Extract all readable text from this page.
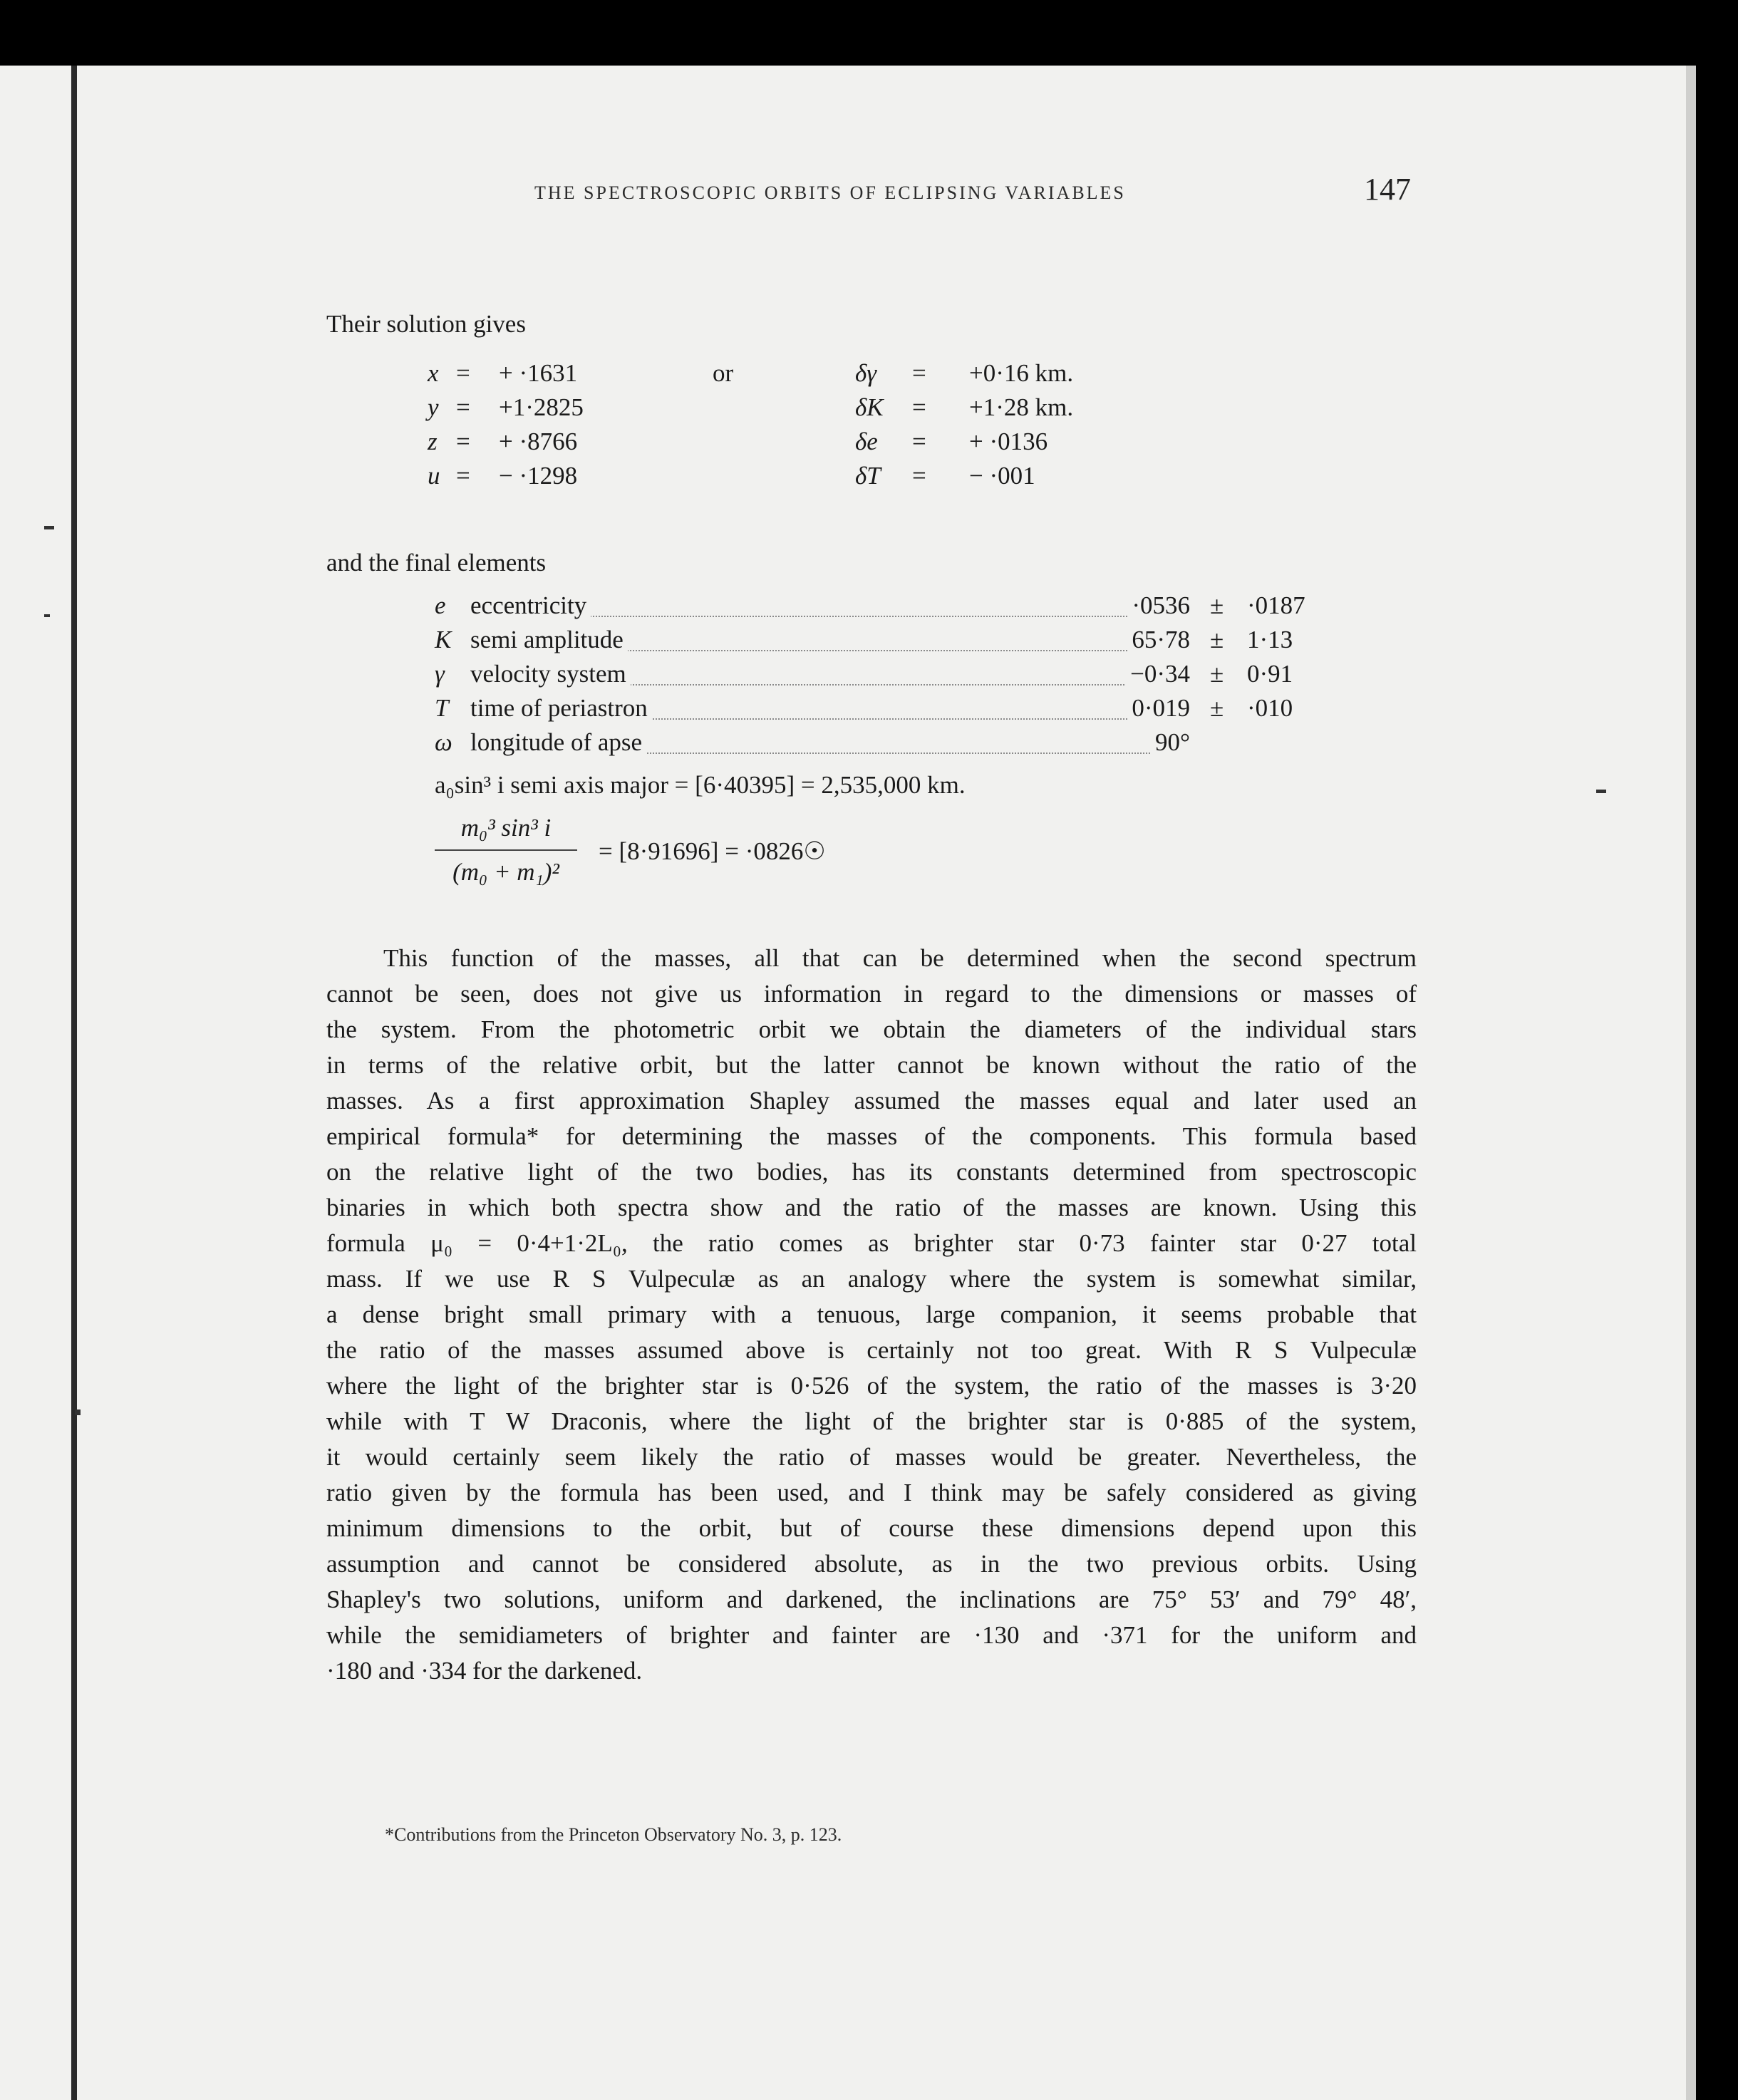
THE SPECTROSCOPIC ORBITS OF ECLIPSING VARIABLES	147
Their solution gives
x	=	+ ·1631	or	δγ	=	+0·16 km.
y	=	+1·2825		δK	=	+1·28 km.
z	=	+ ·8766		δe	=	+ ·0136
u	=	− ·1298		δT	=	− ·001
and the final elements
e eccentricity	·0536 ± ·0187
K semi amplitude	65·78 ± 1·13
γ velocity system	−0·34 ± 0·91
T time of periastron	0·019 ± ·010
ω longitude of apse	90°
a₀sin³ i semi axis major = [6·40395] = 2,535,000 km.
m₀³ sin³ i
(m₀ + m₁)²
= [8·91696] = ·0826☉
This function of the masses, all that can be determined when the second spectrum
cannot be seen, does not give us information in regard to the dimensions or masses of
the system. From the photometric orbit we obtain the diameters of the individual stars
in terms of the relative orbit, but the latter cannot be known without the ratio of the
masses. As a first approximation Shapley assumed the masses equal and later used an
empirical formula* for determining the masses of the components. This formula based
on the relative light of the two bodies, has its constants determined from spectroscopic
binaries in which both spectra show and the ratio of the masses are known. Using this
formula μ₀ = 0·4+1·2L₀, the ratio comes as brighter star 0·73 fainter star 0·27 total
mass. If we use R S Vulpeculæ as an analogy where the system is somewhat similar,
a dense bright small primary with a tenuous, large companion, it seems probable that
the ratio of the masses assumed above is certainly not too great. With R S Vulpeculæ
where the light of the brighter star is 0·526 of the system, the ratio of the masses is 3·20
while with T W Draconis, where the light of the brighter star is 0·885 of the system,
it would certainly seem likely the ratio of masses would be greater. Nevertheless, the
ratio given by the formula has been used, and I think may be safely considered as giving
minimum dimensions to the orbit, but of course these dimensions depend upon this
assumption and cannot be considered absolute, as in the two previous orbits. Using
Shapley's two solutions, uniform and darkened, the inclinations are 75° 53′ and 79° 48′,
while the semidiameters of brighter and fainter are ·130 and ·371 for the uniform and
·180 and ·334 for the darkened.
*Contributions from the Princeton Observatory No. 3, p. 123.
